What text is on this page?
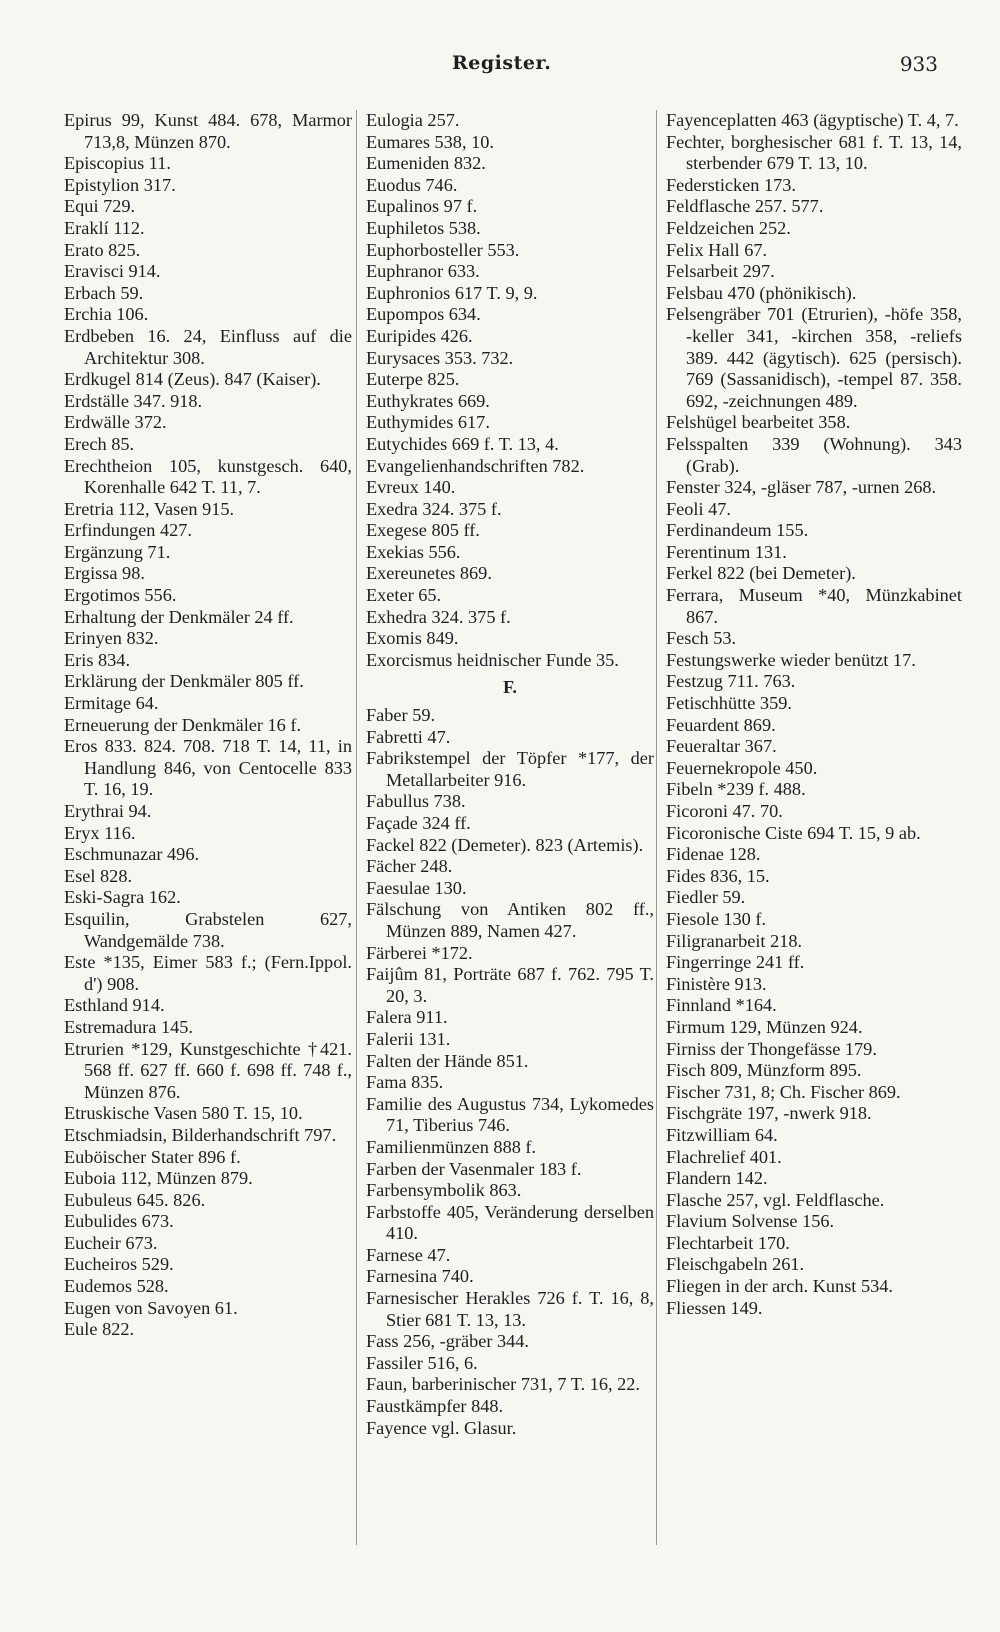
Register.	933
Epirus 99, Kunst 484. 678, Marmor 713,8, Münzen 870.
Episcopius 11.
Epistylion 317.
Equi 729.
Eraklí 112.
Erato 825.
Eravisci 914.
Erbach 59.
Erchia 106.
Erdbeben 16. 24, Einfluss auf die Architektur 308.
Erdkugel 814 (Zeus). 847 (Kaiser).
Erdställe 347. 918.
Erdwälle 372.
Erech 85.
Erechtheion 105, kunstgesch. 640, Korenhalle 642 T. 11, 7.
Eretria 112, Vasen 915.
Erfindungen 427.
Ergänzung 71.
Ergissa 98.
Ergotimos 556.
Erhaltung der Denkmäler 24 ff.
Erinyen 832.
Eris 834.
Erklärung der Denkmäler 805 ff.
Ermitage 64.
Erneuerung der Denkmäler 16 f.
Eros 833. 824. 708. 718 T. 14, 11, in Handlung 846, von Centocelle 833 T. 16, 19.
Erythrai 94.
Eryx 116.
Eschmunazar 496.
Esel 828.
Eski-Sagra 162.
Esquilin, Grabstelen 627, Wandgemälde 738.
Este *135, Eimer 583 f.; (Fern.Ippol. d') 908.
Esthland 914.
Estremadura 145.
Etrurien *129, Kunstgeschichte †421. 568 ff. 627 ff. 660 f. 698 ff. 748 f., Münzen 876.
Etruskische Vasen 580 T. 15, 10.
Etschmiadsin, Bilderhandschrift 797.
Euböischer Stater 896 f.
Euboia 112, Münzen 879.
Eubuleus 645. 826.
Eubulides 673.
Eucheir 673.
Eucheiros 529.
Eudemos 528.
Eugen von Savoyen 61.
Eule 822.
Eulogia 257.
Eumares 538, 10.
Eumeniden 832.
Euodus 746.
Eupalinos 97 f.
Euphiletos 538.
Euphorbosteller 553.
Euphranor 633.
Euphronios 617 T. 9, 9.
Eupompos 634.
Euripides 426.
Eurysaces 353. 732.
Euterpe 825.
Euthykrates 669.
Euthymides 617.
Eutychides 669 f. T. 13, 4.
Evangelienhandschriften 782.
Evreux 140.
Exedra 324. 375 f.
Exegese 805 ff.
Exekias 556.
Exereunetes 869.
Exeter 65.
Exhedra 324. 375 f.
Exomis 849.
Exorcismus heidnischer Funde 35.
F.
Faber 59.
Fabretti 47.
Fabrikstempel der Töpfer *177, der Metallarbeiter 916.
Fabullus 738.
Façade 324 ff.
Fackel 822 (Demeter). 823 (Artemis).
Fächer 248.
Faesulae 130.
Fälschung von Antiken 802 ff., Münzen 889, Namen 427.
Färberei *172.
Faijûm 81, Porträte 687 f. 762. 795 T. 20, 3.
Falera 911.
Falerii 131.
Falten der Hände 851.
Fama 835.
Familie des Augustus 734, Lykomedes 71, Tiberius 746.
Familienmünzen 888 f.
Farben der Vasenmaler 183 f.
Farbensymbolik 863.
Farbstoffe 405, Veränderung derselben 410.
Farnese 47.
Farnesina 740.
Farnesischer Herakles 726 f. T. 16, 8, Stier 681 T. 13, 13.
Fass 256, -gräber 344.
Fassiler 516, 6.
Faun, barberinischer 731, 7 T. 16, 22.
Faustkämpfer 848.
Fayence vgl. Glasur.
Fayenceplatten 463 (ägyptische) T. 4, 7.
Fechter, borghesischer 681 f. T. 13, 14, sterbender 679 T. 13, 10.
Federsticken 173.
Feldflasche 257. 577.
Feldzeichen 252.
Felix Hall 67.
Felsarbeit 297.
Felsbau 470 (phönikisch).
Felsengräber 701 (Etrurien), -höfe 358, -keller 341, -kirchen 358, -reliefs 389. 442 (ägytisch). 625 (persisch). 769 (Sassanidisch), -tempel 87. 358. 692, -zeichnungen 489.
Felshügel bearbeitet 358.
Felsspalten 339 (Wohnung). 343 (Grab).
Fenster 324, -gläser 787, -urnen 268.
Feoli 47.
Ferdinandeum 155.
Ferentinum 131.
Ferkel 822 (bei Demeter).
Ferrara, Museum *40, Münzkabinet 867.
Fesch 53.
Festungswerke wieder benützt 17.
Festzug 711. 763.
Fetischhütte 359.
Feuardent 869.
Feueraltar 367.
Feuernekropole 450.
Fibeln *239 f. 488.
Ficoroni 47. 70.
Ficoronische Ciste 694 T. 15, 9 ab.
Fidenae 128.
Fides 836, 15.
Fiedler 59.
Fiesole 130 f.
Filigranarbeit 218.
Fingerringe 241 ff.
Finistère 913.
Finnland *164.
Firmum 129, Münzen 924.
Firniss der Thongefässe 179.
Fisch 809, Münzform 895.
Fischer 731, 8; Ch. Fischer 869.
Fischgräte 197, -nwerk 918.
Fitzwilliam 64.
Flachrelief 401.
Flandern 142.
Flasche 257, vgl. Feldflasche.
Flavium Solvense 156.
Flechtarbeit 170.
Fleischgabeln 261.
Fliegen in der arch. Kunst 534.
Fliessen 149.
